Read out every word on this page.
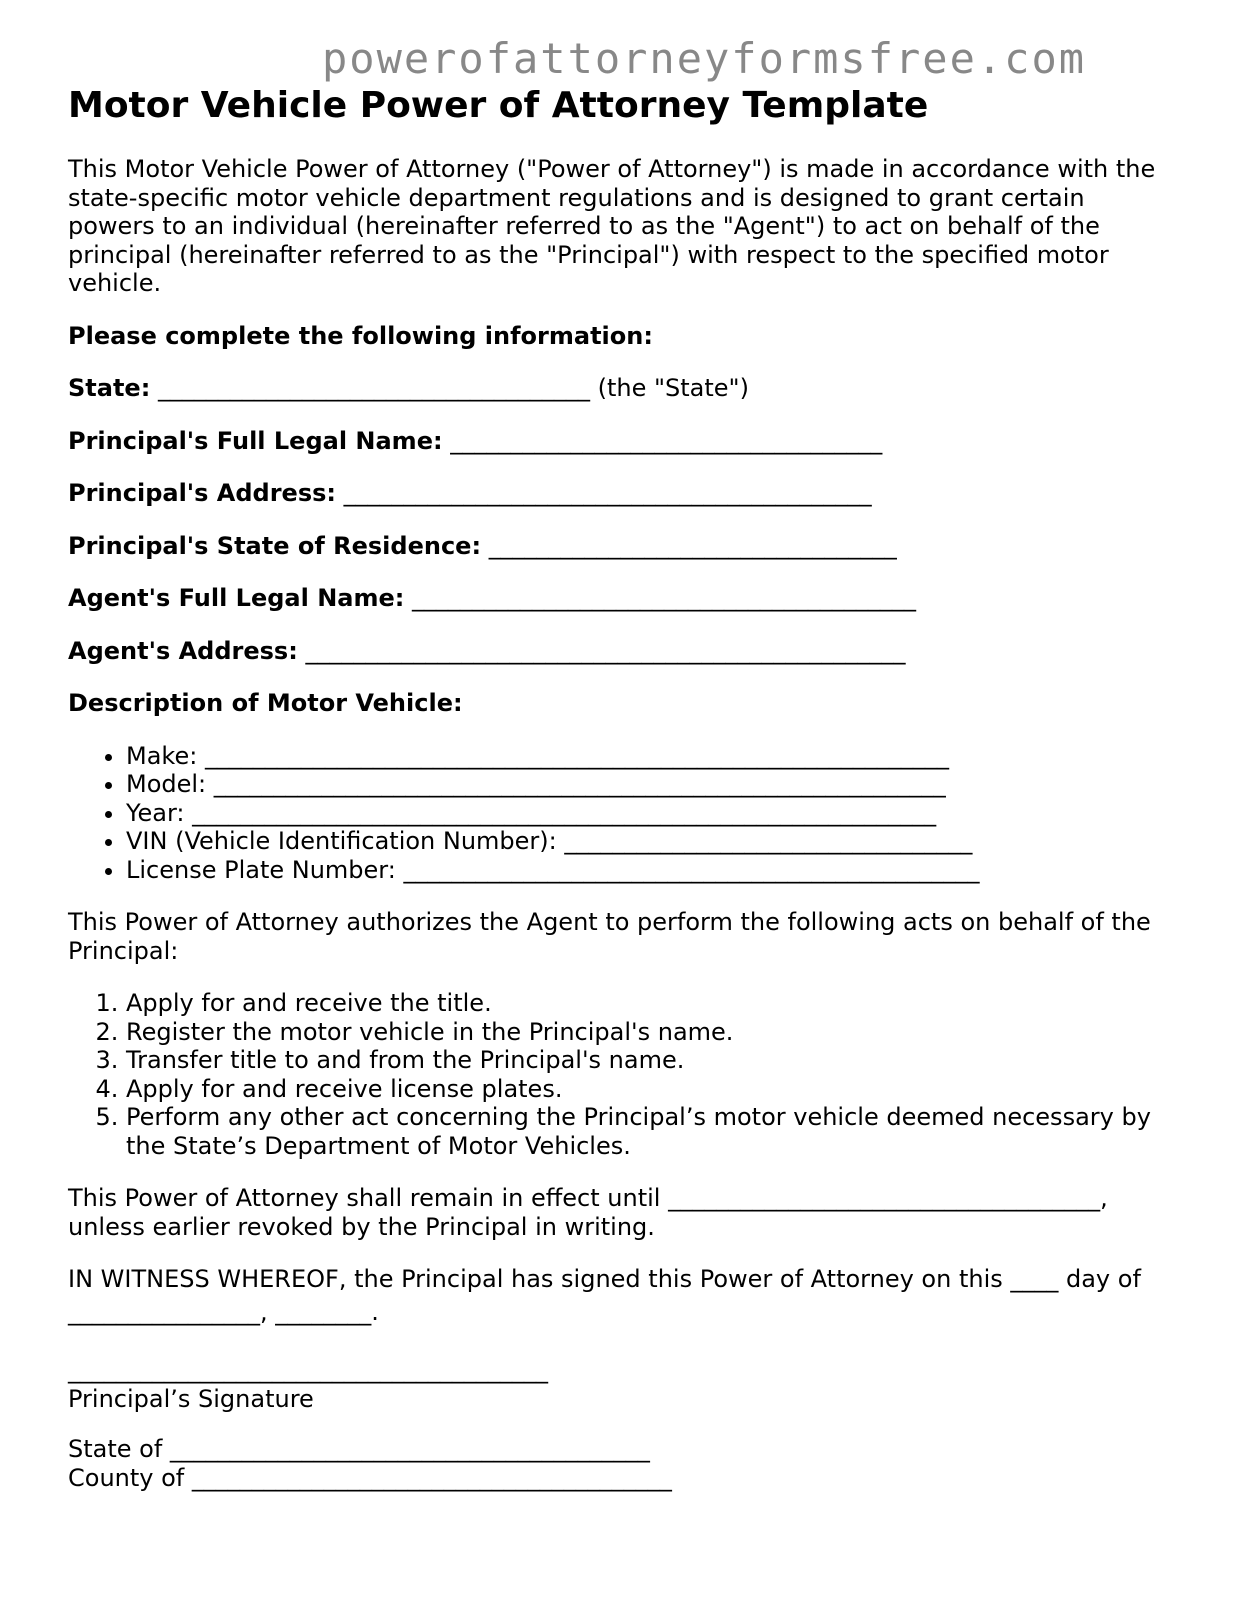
powerofattorneyformsfree.com
Motor Vehicle Power of Attorney Template

This Motor Vehicle Power of Attorney ("Power of Attorney") is made in accordance with the state-specific motor vehicle department regulations and is designed to grant certain powers to an individual (hereinafter referred to as the "Agent") to act on behalf of the principal (hereinafter referred to as the "Principal") with respect to the specified motor vehicle.

Please complete the following information:

State: ____________________________________ (the "State")

Principal's Full Legal Name: ____________________________________

Principal's Address: ____________________________________________

Principal's State of Residence: __________________________________

Agent's Full Legal Name: __________________________________________

Agent's Address: __________________________________________________

Description of Motor Vehicle:

• Make: ______________________________________________________________
• Model: _____________________________________________________________
• Year: ______________________________________________________________
• VIN (Vehicle Identification Number): __________________________________
• License Plate Number: ________________________________________________

This Power of Attorney authorizes the Agent to perform the following acts on behalf of the Principal:

1. Apply for and receive the title.
2. Register the motor vehicle in the Principal's name.
3. Transfer title to and from the Principal's name.
4. Apply for and receive license plates.
5. Perform any other act concerning the Principal’s motor vehicle deemed necessary by the State’s Department of Motor Vehicles.

This Power of Attorney shall remain in effect until ____________________________________,
unless earlier revoked by the Principal in writing.

IN WITNESS WHEREOF, the Principal has signed this Power of Attorney on this ____ day of
________________, ________.

________________________________________

Principal’s Signature

State of ________________________________________

County of ________________________________________
